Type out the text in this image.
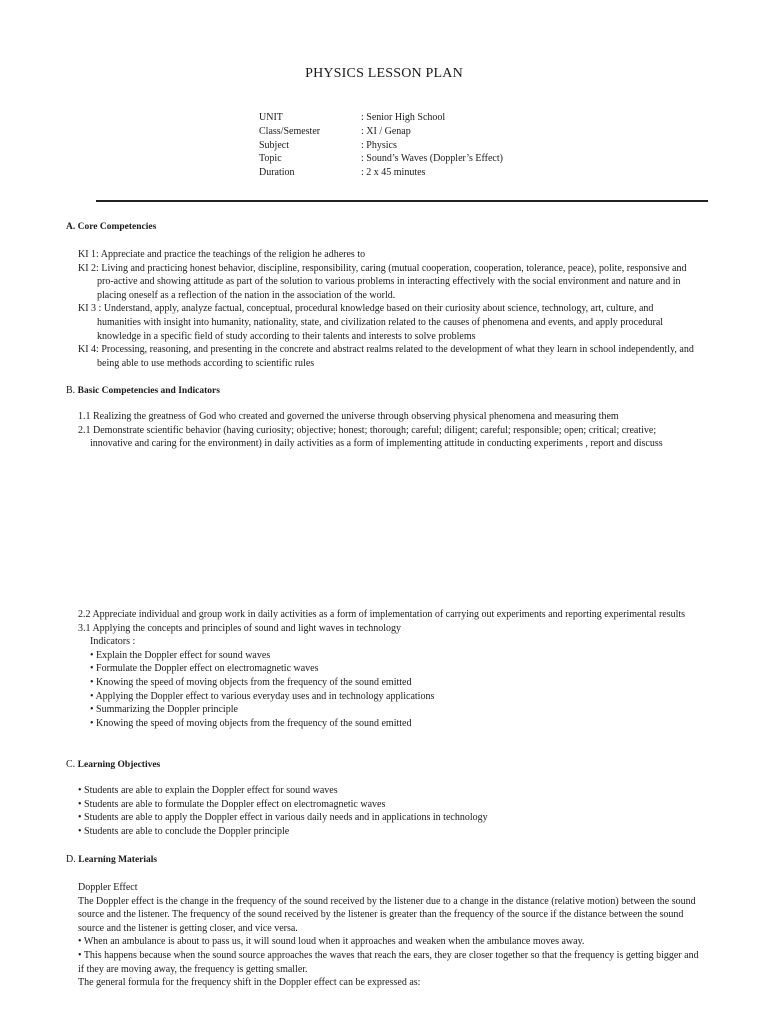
PHYSICS LESSON PLAN
UNIT	: Senior High School
Class/Semester	: XI / Genap
Subject	: Physics
Topic	: Sound’s Waves (Doppler’s Effect)
Duration	: 2 x 45 minutes
A. Core Competencies

KI 1: Appreciate and practice the teachings of the religion he adheres to

KI 2: Living and practicing honest behavior, discipline, responsibility, caring (mutual cooperation, cooperation, tolerance, peace), polite, responsive and pro-active and showing attitude as part of the solution to various problems in interacting effectively with the social environment and nature and in placing oneself as a reflection of the nation in the association of the world.

KI 3 : Understand, apply, analyze factual, conceptual, procedural knowledge based on their curiosity about science, technology, art, culture, and humanities with insight into humanity, nationality, state, and civilization related to the causes of phenomena and events, and apply procedural knowledge in a specific field of study according to their talents and interests to solve problems

KI 4: Processing, reasoning, and presenting in the concrete and abstract realms related to the development of what they learn in school independently, and being able to use methods according to scientific rules

B. Basic Competencies and Indicators

1.1 Realizing the greatness of God who created and governed the universe through observing physical phenomena and measuring them

2.1 Demonstrate scientific behavior (having curiosity; objective; honest; thorough; careful; diligent; careful; responsible; open; critical; creative; innovative and caring for the environment) in daily activities as a form of implementing attitude in conducting experiments , report and discuss

2.2 Appreciate individual and group work in daily activities as a form of implementation of carrying out experiments and reporting experimental results

3.1 Applying the concepts and principles of sound and light waves in technology

Indicators :
• Explain the Doppler effect for sound waves
• Formulate the Doppler effect on electromagnetic waves
• Knowing the speed of moving objects from the frequency of the sound emitted
• Applying the Doppler effect to various everyday uses and in technology applications
• Summarizing the Doppler principle
• Knowing the speed of moving objects from the frequency of the sound emitted
C. Learning Objectives
• Students are able to explain the Doppler effect for sound waves
• Students are able to formulate the Doppler effect on electromagnetic waves
• Students are able to apply the Doppler effect in various daily needs and in applications in technology
• Students are able to conclude the Doppler principle
D. Learning Materials
Doppler Effect

The Doppler effect is the change in the frequency of the sound received by the listener due to a change in the distance (relative motion) between the sound source and the listener. The frequency of the sound received by the listener is greater than the frequency of the source if the distance between the sound source and the listener is getting closer, and vice versa.

• When an ambulance is about to pass us, it will sound loud when it approaches and weaken when the ambulance moves away.

• This happens because when the sound source approaches the waves that reach the ears, they are closer together so that the frequency is getting bigger and if they are moving away, the frequency is getting smaller.

The general formula for the frequency shift in the Doppler effect can be expressed as:
